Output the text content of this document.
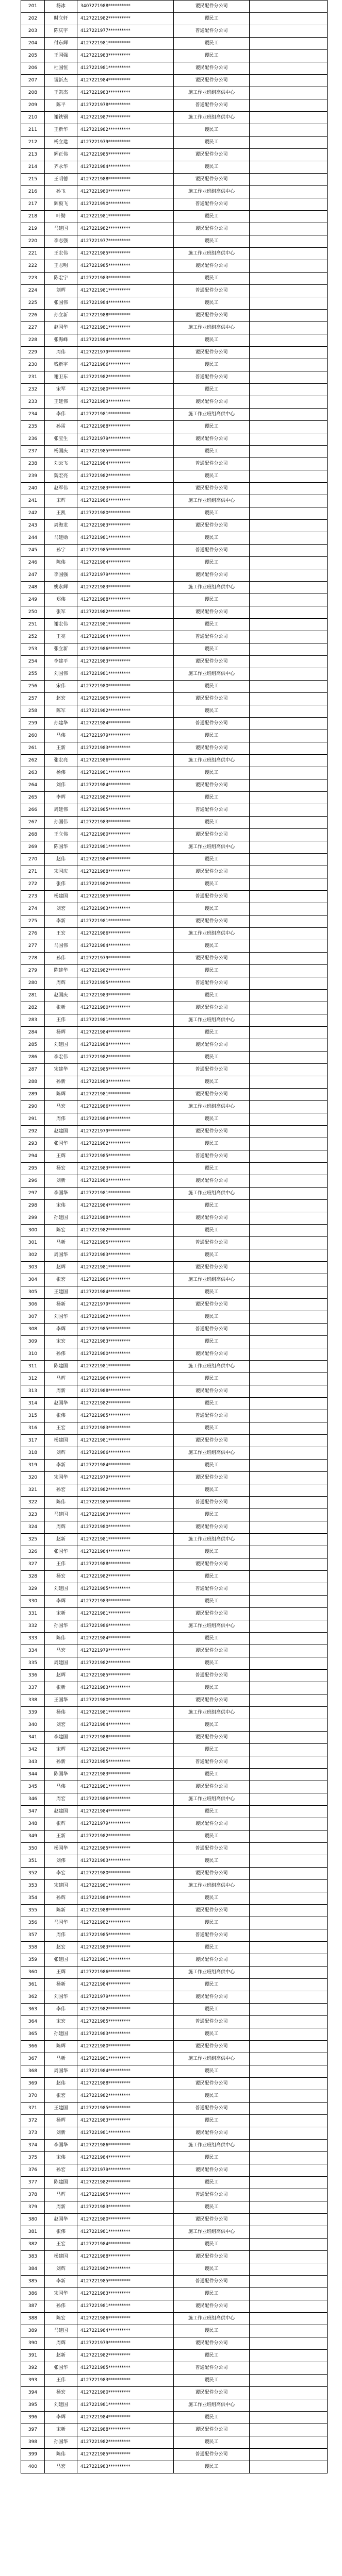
201	杨冰	3407271988**********	谡民配件分公司	
202	时立轩	4127221982**********	谡民工	
203	陈庆宇	4127221977**********	普通配件分公司	
204	付东辉	4127221981**********	谡民工	
205	王国强	4127221983**********	谡民工	
206	杜国恒	4127221981**********	谡民配件分公司	
207	谡新杰	4127221984**********	谡民配件分公司	
208	王凯杰	4127221983**********	施工作业班组高供中心	
209	陈平	4127221978**********	普通配件分公司	
210	谢铁钢	4127221987**********	施工作业班组高供中心	
211	王新华	4127221982**********	谡民工	
212	杨立建	4127221979**********	谡民工	
213	辉正伟	4127221985**********	谡民配件分公司	
214	齐永华	4127221984**********	谡民工	
215	王明德	4127221988**********	谡民配件分公司	
216	孙飞	4127221980**********	施工作业班组高供中心	
217	辉毅飞	4127221990**********	普通配件分公司	
218	叶勤	4127221981**********	谡民工	
219	马建国	4127221982**********	谡民配件分公司	
220	李志强	4127221977**********	谡民工	
221	王宏伟	4127221985**********	施工作业班组高供中心	
222	王志明	4127221985**********	谡民配件分公司	
223	陈宏宇	4127221983**********	谡民工	
224	刘辉	4127221981**********	普通配件分公司	
225	张国伟	4127221984**********	谡民工	
226	孙立新	4127221988**********	谡民配件分公司	
227	赵国华	4127221981**********	施工作业班组高供中心	
228	张海峰	4127221984**********	谡民工	
229	周伟	4127221979**********	谡民配件分公司	
230	钱新宇	4127221986**********	谡民工	
231	谢卫东	4127221982**********	普通配件分公司	
232	宋军	4127221980**********	谡民工	
233	王建伟	4127221983**********	谡民配件分公司	
234	李伟	4127221981**********	施工作业班组高供中心	
235	孙雷	4127221988**********	谡民工	
236	张宝生	4127221979**********	谡民配件分公司	
237	杨国庆	4127221985**********	谡民工	
238	刘云飞	4127221984**********	普通配件分公司	
239	魏宏亮	4127221982**********	谡民工	
240	赵军伟	4127221983**********	谡民配件分公司	
241	宋辉	4127221986**********	施工作业班组高供中心	
242	王凯	4127221980**********	谡民工	
243	周海龙	4127221983**********	谡民配件分公司	
244	马建勋	4127221981**********	谡民工	
245	孙宁	4127221985**********	普通配件分公司	
246	陈伟	4127221984**********	谡民工	
247	李国强	4127221979**********	谡民配件分公司	
248	姚永辉	4127221983**********	施工作业班组高供中心	
249	郑伟	4127221988**********	谡民工	
250	张军	4127221982**********	谡民配件分公司	
251	谢宏伟	4127221981**********	谡民工	
252	王亮	4127221984**********	普通配件分公司	
253	张立新	4127221986**********	谡民工	
254	李建平	4127221983**********	谡民配件分公司	
255	刘国伟	4127221981**********	施工作业班组高供中心	
256	宋伟	4127221980**********	谡民工	
257	赵宏	4127221985**********	谡民配件分公司	
258	陈军	4127221982**********	谡民工	
259	孙建华	4127221984**********	普通配件分公司	
260	马伟	4127221979**********	谡民工	
261	王新	4127221983**********	谡民配件分公司	
262	张宏亮	4127221986**********	施工作业班组高供中心	
263	杨伟	4127221981**********	谡民工	
264	刘伟	4127221984**********	谡民配件分公司	
265	李辉	4127221982**********	谡民工	
266	周建伟	4127221985**********	普通配件分公司	
267	孙国伟	4127221983**********	谡民工	
268	王立伟	4127221980**********	谡民配件分公司	
269	陈国华	4127221981**********	施工作业班组高供中心	
270	赵伟	4127221984**********	谡民工	
271	宋国庆	4127221988**********	谡民配件分公司	
272	张伟	4127221982**********	谡民工	
273	杨建国	4127221985**********	普通配件分公司	
274	刘宏	4127221983**********	谡民工	
275	李新	4127221981**********	谡民配件分公司	
276	王宏	4127221986**********	施工作业班组高供中心	
277	马国伟	4127221984**********	谡民工	
278	孙伟	4127221979**********	谡民配件分公司	
279	陈建华	4127221982**********	谡民工	
280	周辉	4127221985**********	普通配件分公司	
281	赵国庆	4127221983**********	谡民工	
282	张新	4127221980**********	谡民配件分公司	
283	王伟	4127221981**********	施工作业班组高供中心	
284	杨辉	4127221984**********	谡民工	
285	刘建国	4127221988**********	谡民配件分公司	
286	李宏伟	4127221982**********	谡民工	
287	宋建华	4127221985**********	普通配件分公司	
288	孙新	4127221983**********	谡民工	
289	陈辉	4127221981**********	谡民配件分公司	
290	马宏	4127221986**********	施工作业班组高供中心	
291	周伟	4127221984**********	谡民工	
292	赵建国	4127221979**********	谡民配件分公司	
293	张国华	4127221982**********	谡民工	
294	王辉	4127221985**********	普通配件分公司	
295	杨宏	4127221983**********	谡民工	
296	刘新	4127221980**********	谡民配件分公司	
297	李国华	4127221981**********	施工作业班组高供中心	
298	宋伟	4127221984**********	谡民工	
299	孙建国	4127221988**********	谡民配件分公司	
300	陈宏	4127221982**********	谡民工	
301	马新	4127221985**********	普通配件分公司	
302	周国华	4127221983**********	谡民工	
303	赵辉	4127221981**********	谡民配件分公司	
304	张宏	4127221986**********	施工作业班组高供中心	
305	王建国	4127221984**********	谡民工	
306	杨新	4127221979**********	谡民配件分公司	
307	刘国华	4127221982**********	谡民工	
308	李辉	4127221985**********	普通配件分公司	
309	宋宏	4127221983**********	谡民工	
310	孙伟	4127221980**********	谡民配件分公司	
311	陈建国	4127221981**********	施工作业班组高供中心	
312	马辉	4127221984**********	谡民工	
313	周新	4127221988**********	谡民配件分公司	
314	赵国华	4127221982**********	谡民工	
315	张伟	4127221985**********	普通配件分公司	
316	王宏	4127221983**********	谡民工	
317	杨建国	4127221981**********	谡民配件分公司	
318	刘辉	4127221986**********	施工作业班组高供中心	
319	李新	4127221984**********	谡民工	
320	宋国华	4127221979**********	谡民配件分公司	
321	孙宏	4127221982**********	谡民工	
322	陈伟	4127221985**********	普通配件分公司	
323	马建国	4127221983**********	谡民工	
324	周辉	4127221980**********	谡民配件分公司	
325	赵新	4127221981**********	施工作业班组高供中心	
326	张国华	4127221984**********	谡民工	
327	王伟	4127221988**********	谡民配件分公司	
328	杨宏	4127221982**********	谡民工	
329	刘建国	4127221985**********	普通配件分公司	
330	李辉	4127221983**********	谡民工	
331	宋新	4127221981**********	谡民配件分公司	
332	孙国华	4127221986**********	施工作业班组高供中心	
333	陈伟	4127221984**********	谡民工	
334	马宏	4127221979**********	谡民配件分公司	
335	周建国	4127221982**********	谡民工	
336	赵辉	4127221985**********	普通配件分公司	
337	张新	4127221983**********	谡民工	
338	王国华	4127221980**********	谡民配件分公司	
339	杨伟	4127221981**********	施工作业班组高供中心	
340	刘宏	4127221984**********	谡民工	
341	李建国	4127221988**********	谡民配件分公司	
342	宋辉	4127221982**********	谡民工	
343	孙新	4127221985**********	普通配件分公司	
344	陈国华	4127221983**********	谡民工	
345	马伟	4127221981**********	谡民配件分公司	
346	周宏	4127221986**********	施工作业班组高供中心	
347	赵建国	4127221984**********	谡民工	
348	张辉	4127221979**********	谡民配件分公司	
349	王新	4127221982**********	谡民工	
350	杨国华	4127221985**********	普通配件分公司	
351	刘伟	4127221983**********	谡民工	
352	李宏	4127221980**********	谡民配件分公司	
353	宋建国	4127221981**********	施工作业班组高供中心	
354	孙辉	4127221984**********	谡民工	
355	陈新	4127221988**********	谡民配件分公司	
356	马国华	4127221982**********	谡民工	
357	周伟	4127221985**********	普通配件分公司	
358	赵宏	4127221983**********	谡民工	
359	张建国	4127221981**********	谡民配件分公司	
360	王辉	4127221986**********	施工作业班组高供中心	
361	杨新	4127221984**********	谡民工	
362	刘国华	4127221979**********	谡民配件分公司	
363	李伟	4127221982**********	谡民工	
364	宋宏	4127221985**********	普通配件分公司	
365	孙建国	4127221983**********	谡民工	
366	陈辉	4127221980**********	谡民配件分公司	
367	马新	4127221981**********	施工作业班组高供中心	
368	周国华	4127221984**********	谡民工	
369	赵伟	4127221988**********	谡民配件分公司	
370	张宏	4127221982**********	谡民工	
371	王建国	4127221985**********	普通配件分公司	
372	杨辉	4127221983**********	谡民工	
373	刘新	4127221981**********	谡民配件分公司	
374	李国华	4127221986**********	施工作业班组高供中心	
375	宋伟	4127221984**********	谡民工	
376	孙宏	4127221979**********	谡民配件分公司	
377	陈建国	4127221982**********	谡民工	
378	马辉	4127221985**********	普通配件分公司	
379	周新	4127221983**********	谡民工	
380	赵国华	4127221980**********	谡民配件分公司	
381	张伟	4127221981**********	施工作业班组高供中心	
382	王宏	4127221984**********	谡民工	
383	杨建国	4127221988**********	谡民配件分公司	
384	刘辉	4127221982**********	谡民工	
385	李新	4127221985**********	普通配件分公司	
386	宋国华	4127221983**********	谡民工	
387	孙伟	4127221981**********	谡民配件分公司	
388	陈宏	4127221986**********	施工作业班组高供中心	
389	马建国	4127221984**********	谡民工	
390	周辉	4127221979**********	谡民配件分公司	
391	赵新	4127221982**********	谡民工	
392	张国华	4127221985**********	普通配件分公司	
393	王伟	4127221983**********	谡民工	
394	杨宏	4127221980**********	谡民配件分公司	
395	刘建国	4127221981**********	施工作业班组高供中心	
396	李辉	4127221984**********	谡民工	
397	宋新	4127221988**********	谡民配件分公司	
398	孙国华	4127221982**********	谡民工	
399	陈伟	4127221985**********	普通配件分公司	
400	马宏	4127221983**********	谡民工	
